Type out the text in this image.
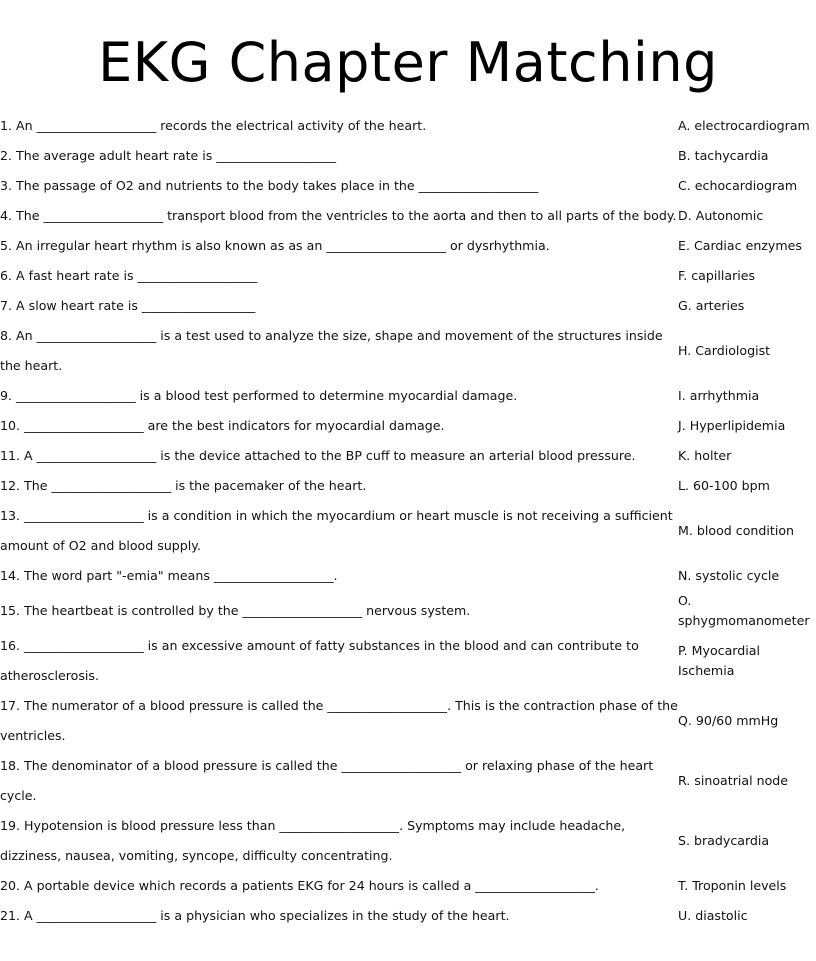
EKG Chapter Matching
1. An ___________________ records the electrical activity of the heart.	A. electrocardiogram
2. The average adult heart rate is ___________________	B. tachycardia
3. The passage of O2 and nutrients to the body takes place in the ___________________	C. echocardiogram
4. The ___________________ transport blood from the ventricles to the aorta and then to all parts of the body. D. Autonomic
5. An irregular heart rhythm is also known as as an ___________________ or dysrhythmia.	E. Cardiac enzymes
6. A fast heart rate is ___________________	F. capillaries
7. A slow heart rate is __________________	G. arteries
8. An ___________________ is a test used to analyze the size, shape and movement of the structures inside the heart.
H. Cardiologist
9. ___________________ is a blood test performed to determine myocardial damage.	I. arrhythmia
10. ___________________ are the best indicators for myocardial damage.	J. Hyperlipidemia
11. A ___________________ is the device attached to the BP cuff to measure an arterial blood pressure.	K. holter
12. The ___________________ is the pacemaker of the heart.	L. 60-100 bpm
13. ___________________ is a condition in which the myocardium or heart muscle is not receiving a sufficient amount of O2 and blood supply.
M. blood condition
14. The word part "-emia" means ___________________.	N. systolic cycle
15. The heartbeat is controlled by the ___________________ nervous system.
O. sphygmomanometer
16. ___________________ is an excessive amount of fatty substances in the blood and can contribute to atherosclerosis.
P. Myocardial Ischemia
17. The numerator of a blood pressure is called the ___________________. This is the contraction phase of the ventricles.
Q. 90/60 mmHg
18. The denominator of a blood pressure is called the ___________________ or relaxing phase of the heart cycle.
R. sinoatrial node
19. Hypotension is blood pressure less than ___________________. Symptoms may include headache, dizziness, nausea, vomiting, syncope, difficulty concentrating.
S. bradycardia
20. A portable device which records a patients EKG for 24 hours is called a ___________________.	T. Troponin levels
21. A ___________________ is a physician who specializes in the study of the heart.	U. diastolic
